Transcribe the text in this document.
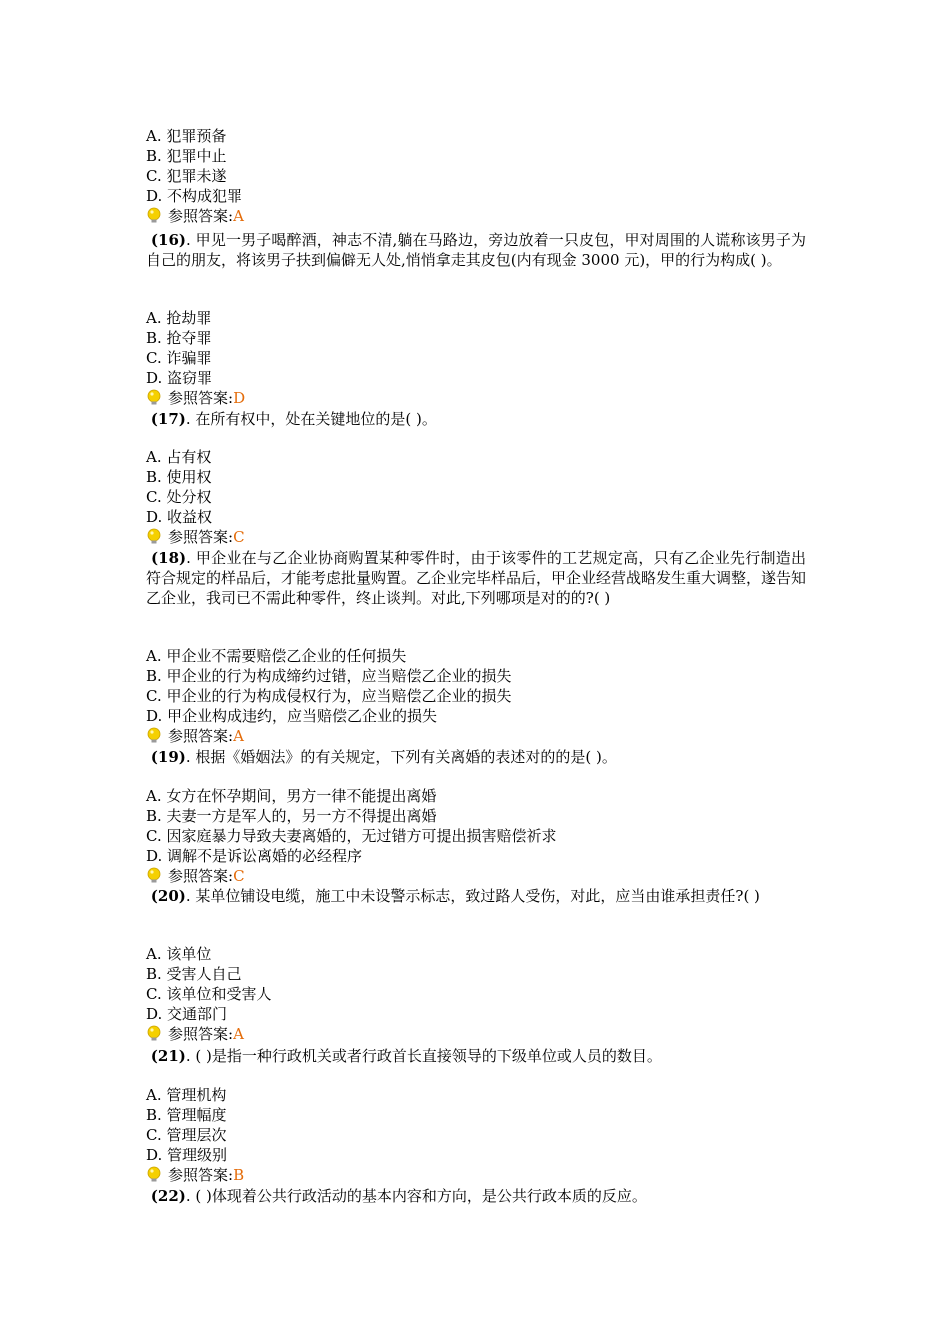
A. 犯罪预备
B. 犯罪中止
C. 犯罪未遂
D. 不构成犯罪
参照答案: A
(16). 甲见一男子喝醉酒，神志不清,躺在马路边，旁边放着一只皮包，甲对周围的人谎称该男子为自己的朋友，将该男子扶到偏僻无人处,悄悄拿走其皮包(内有现金 3000 元)，甲的行为构成( )。
A. 抢劫罪
B. 抢夺罪
C. 诈骗罪
D. 盗窃罪
参照答案: D
(17). 在所有权中，处在关键地位的是( )。
A. 占有权
B. 使用权
C. 处分权
D. 收益权
参照答案: C
(18). 甲企业在与乙企业协商购置某种零件时，由于该零件的工艺规定高，只有乙企业先行制造出符合规定的样品后，才能考虑批量购置。乙企业完毕样品后，甲企业经营战略发生重大调整，遂告知乙企业，我司已不需此种零件，终止谈判。对此,下列哪项是对的的?( )
A. 甲企业不需要赔偿乙企业的任何损失
B. 甲企业的行为构成缔约过错，应当赔偿乙企业的损失
C. 甲企业的行为构成侵权行为，应当赔偿乙企业的损失
D. 甲企业构成违约，应当赔偿乙企业的损失
参照答案: A
(19). 根据《婚姻法》的有关规定，下列有关离婚的表述对的的是( )。
A. 女方在怀孕期间，男方一律不能提出离婚
B. 夫妻一方是军人的，另一方不得提出离婚
C. 因家庭暴力导致夫妻离婚的，无过错方可提出损害赔偿祈求
D. 调解不是诉讼离婚的必经程序
参照答案: C
(20). 某单位铺设电缆，施工中未设警示标志，致过路人受伤，对此，应当由谁承担责任?( )
A. 该单位
B. 受害人自己
C. 该单位和受害人
D. 交通部门
参照答案: A
(21). ( )是指一种行政机关或者行政首长直接领导的下级单位或人员的数目。
A. 管理机构
B. 管理幅度
C. 管理层次
D. 管理级别
参照答案: B
(22). ( )体现着公共行政活动的基本内容和方向，是公共行政本质的反应。
